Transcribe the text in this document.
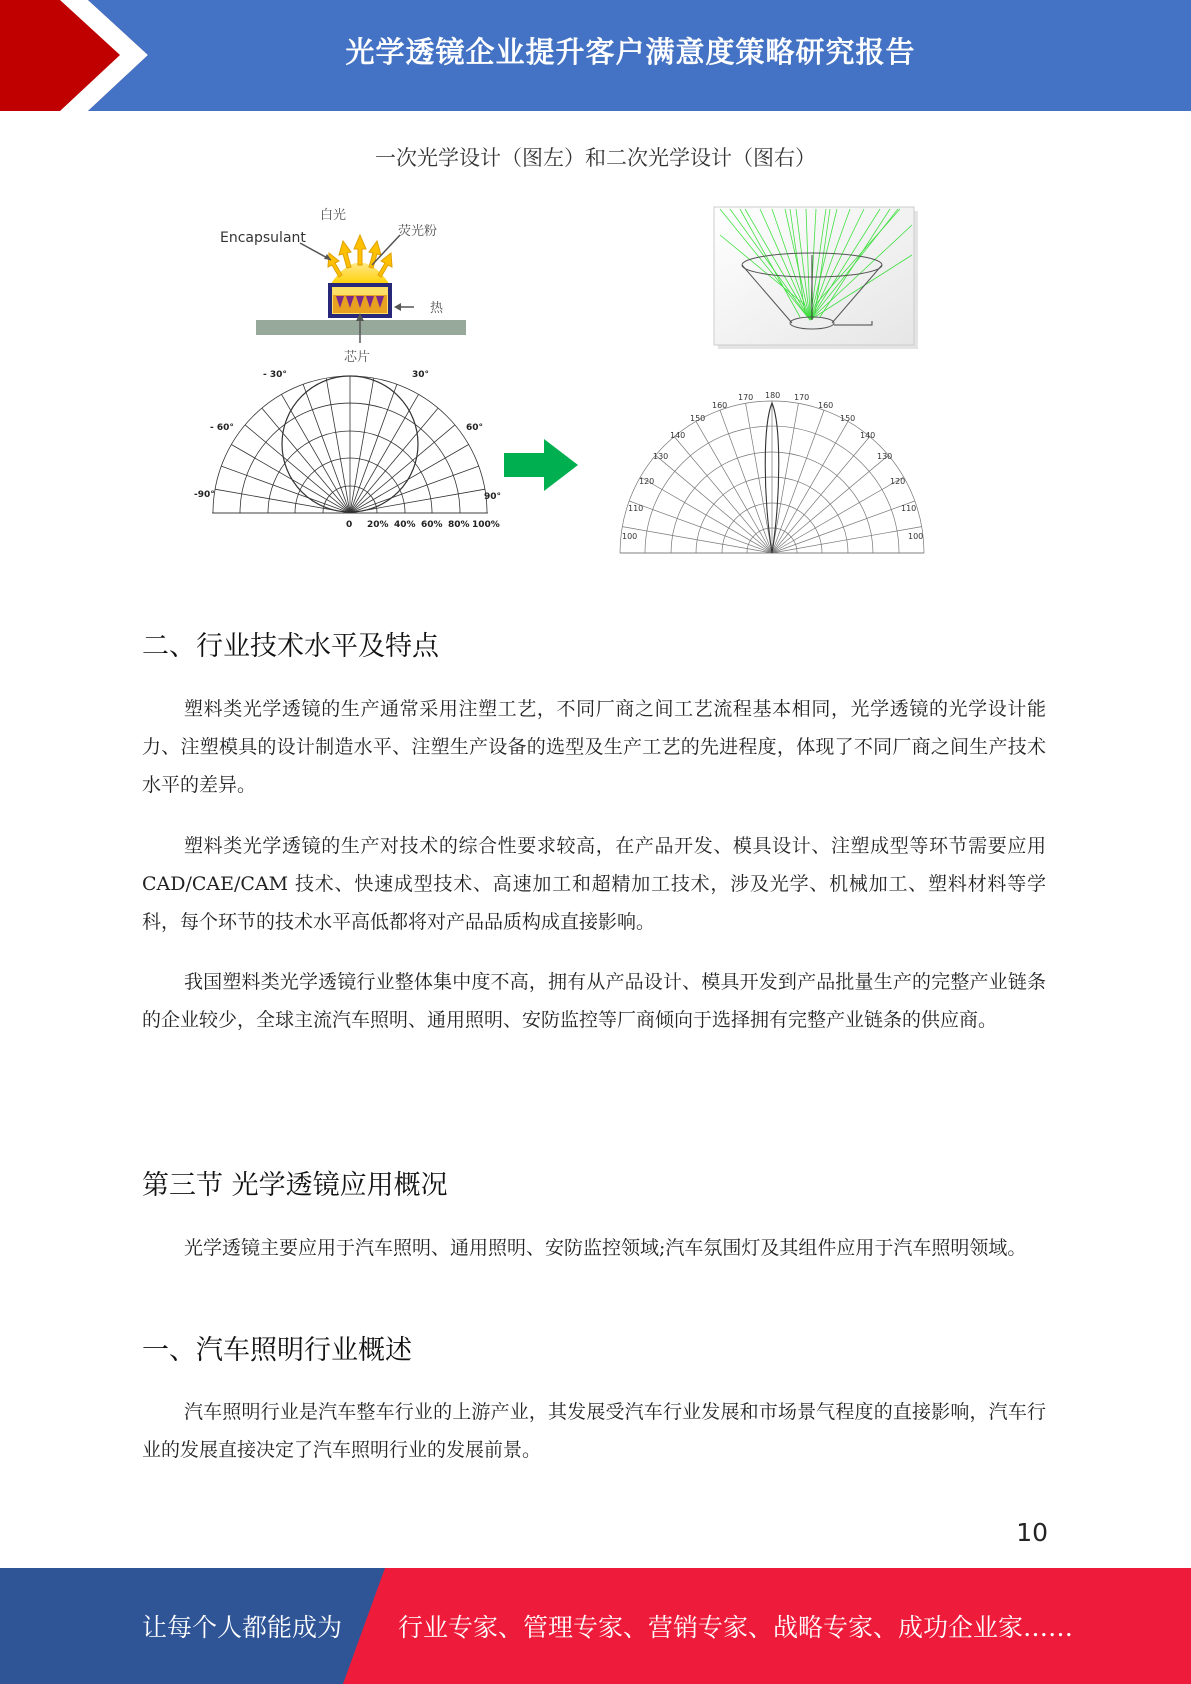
光学透镜企业提升客户满意度策略研究报告
一次光学设计（图左）和二次光学设计（图右）
白光
Encapsulant	荧光粉
热
芯片
- 30°	30°
- 60°	60°
-90°	90°
0 20% 40% 60% 80% 100%
180
170	170
160	160
150	150
140	140
130	130
120	120
110	110
100	100
二、行业技术水平及特点

塑料类光学透镜的生产通常采用注塑工艺，不同厂商之间工艺流程基本相同，光学透镜的光学设计能力、注塑模具的设计制造水平、注塑生产设备的选型及生产工艺的先进程度，体现了不同厂商之间生产技术水平的差异。

塑料类光学透镜的生产对技术的综合性要求较高，在产品开发、模具设计、注塑成型等环节需要应用 CAD/CAE/CAM 技术、快速成型技术、高速加工和超精加工技术，涉及光学、机械加工、塑料材料等学科，每个环节的技术水平高低都将对产品品质构成直接影响。

我国塑料类光学透镜行业整体集中度不高，拥有从产品设计、模具开发到产品批量生产的完整产业链条的企业较少，全球主流汽车照明、通用照明、安防监控等厂商倾向于选择拥有完整产业链条的供应商。

第三节 光学透镜应用概况

光学透镜主要应用于汽车照明、通用照明、安防监控领域;汽车氛围灯及其组件应用于汽车照明领域。

一、汽车照明行业概述

汽车照明行业是汽车整车行业的上游产业，其发展受汽车行业发展和市场景气程度的直接影响，汽车行业的发展直接决定了汽车照明行业的发展前景。

10
让每个人都能成为 行业专家、管理专家、营销专家、战略专家、成功企业家……
